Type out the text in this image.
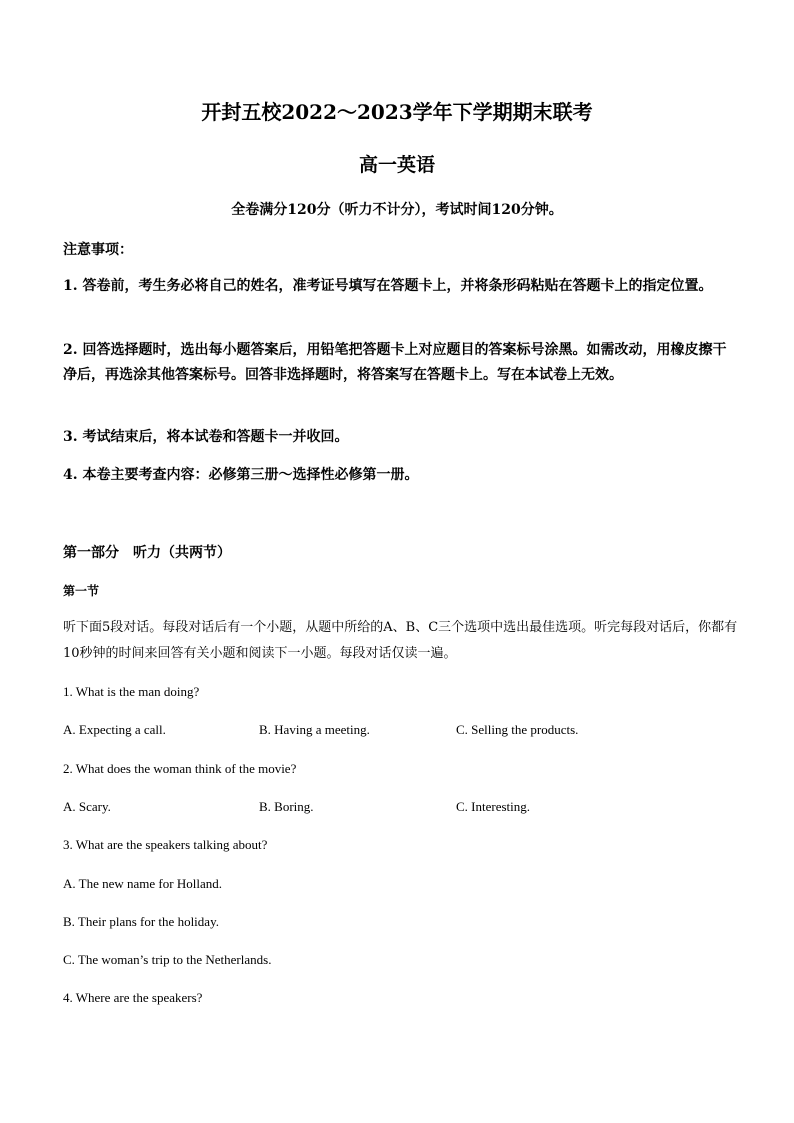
开封五校2022～2023学年下学期期末联考
高一英语

全卷满分120分（听力不计分），考试时间120分钟。

注意事项：

1. 答卷前，考生务必将自己的姓名，准考证号填写在答题卡上，并将条形码粘贴在答题卡上的指定位置。

2. 回答选择题时，选出每小题答案后，用铅笔把答题卡上对应题目的答案标号涂黑。如需改动，用橡皮擦干净后，再选涂其他答案标号。回答非选择题时，将答案写在答题卡上。写在本试卷上无效。

3. 考试结束后，将本试卷和答题卡一并收回。

4. 本卷主要考查内容：必修第三册～选择性必修第一册。

第一部分　听力（共两节）

第一节

听下面5段对话。每段对话后有一个小题，从题中所给的A、B、C三个选项中选出最佳选项。听完每段对话后，你都有10秒钟的时间来回答有关小题和阅读下一小题。每段对话仅读一遍。

1. What is the man doing?

A. Expecting a call.	B. Having a meeting.	C. Selling the products.

2. What does the woman think of the movie?

A. Scary.	B. Boring.	C. Interesting.

3. What are the speakers talking about?

A. The new name for Holland.

B. Their plans for the holiday.

C. The woman’s trip to the Netherlands.

4. Where are the speakers?
